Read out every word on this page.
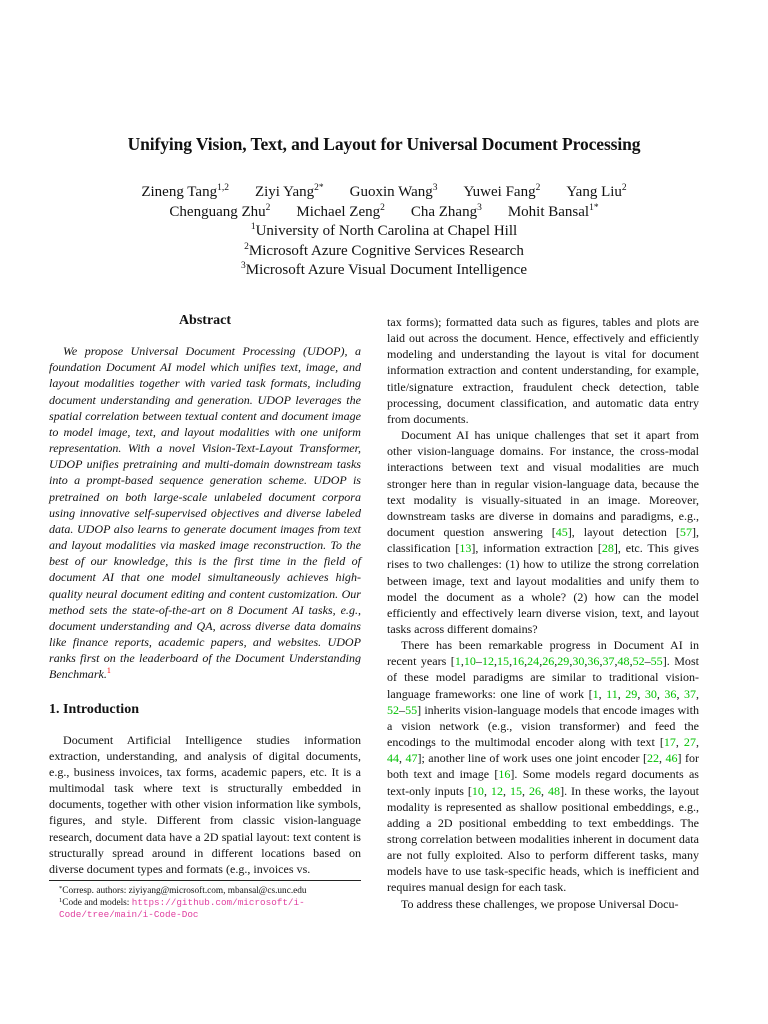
Unifying Vision, Text, and Layout for Universal Document Processing
Zineng Tang$^{1,2}$ Ziyi Yang$^{2*}$ Guoxin Wang$^3$ Yuwei Fang$^2$ Yang Liu$^2$
Chenguang Zhu$^2$ Michael Zeng$^2$ Cha Zhang$^3$ Mohit Bansal$^{1*}$
$^1$University of North Carolina at Chapel Hill
$^2$Microsoft Azure Cognitive Services Research
$^3$Microsoft Azure Visual Document Intelligence
Abstract

We propose Universal Document Processing (UDOP), a foundation Document AI model which unifies text, image, and layout modalities together with varied task formats, including document understanding and generation. UDOP leverages the spatial correlation between textual content and document image to model image, text, and layout modalities with one uniform representation. With a novel Vision-Text-Layout Transformer, UDOP unifies pretraining and multi-domain downstream tasks into a prompt-based sequence generation scheme. UDOP is pretrained on both large-scale unlabeled document corpora using innovative self-supervised objectives and diverse labeled data. UDOP also learns to generate document images from text and layout modalities via masked image reconstruction. To the best of our knowledge, this is the first time in the field of document AI that one model simultaneously achieves high-quality neural document editing and content customization. Our method sets the state-of-the-art on 8 Document AI tasks, e.g., document understanding and QA, across diverse data domains like finance reports, academic papers, and websites. UDOP ranks first on the leaderboard of the Document Understanding Benchmark.$^1$

1. Introduction

Document Artificial Intelligence studies information extraction, understanding, and analysis of digital documents, e.g., business invoices, tax forms, academic papers, etc. It is a multimodal task where text is structurally embedded in documents, together with other vision information like symbols, figures, and style. Different from classic vision-language research, document data have a 2D spatial layout: text content is structurally spread around in different locations based on diverse document types and formats (e.g., invoices vs.

tax forms); formatted data such as figures, tables and plots are laid out across the document. Hence, effectively and efficiently modeling and understanding the layout is vital for document information extraction and content understanding, for example, title/signature extraction, fraudulent check detection, table processing, document classification, and automatic data entry from documents.

Document AI has unique challenges that set it apart from other vision-language domains. For instance, the cross-modal interactions between text and visual modalities are much stronger here than in regular vision-language data, because the text modality is visually-situated in an image. Moreover, downstream tasks are diverse in domains and paradigms, e.g., document question answering [45], layout detection [57], classification [13], information extraction [28], etc. This gives rises to two challenges: (1) how to utilize the strong correlation between image, text and layout modalities and unify them to model the document as a whole? (2) how can the model efficiently and effectively learn diverse vision, text, and layout tasks across different domains?

There has been remarkable progress in Document AI in recent years [1,10–12,15,16,24,26,29,30,36,37,48,52–55]. Most of these model paradigms are similar to traditional vision-language frameworks: one line of work [1, 11, 29, 30, 36, 37, 52–55] inherits vision-language models that encode images with a vision network (e.g., vision transformer) and feed the encodings to the multimodal encoder along with text [17, 27, 44, 47]; another line of work uses one joint encoder [22, 46] for both text and image [16]. Some models regard documents as text-only inputs [10, 12, 15, 26, 48]. In these works, the layout modality is represented as shallow positional embeddings, e.g., adding a 2D positional embedding to text embeddings. The strong correlation between modalities inherent in document data are not fully exploited. Also to perform different tasks, many models have to use task-specific heads, which is inefficient and requires manual design for each task.

To address these challenges, we propose Universal Docu-

*Corresp. authors: ziyiyang@microsoft.com, mbansal@cs.unc.edu
$^1$Code and models: https://github.com/microsoft/i-Code/tree/main/i-Code-Doc
